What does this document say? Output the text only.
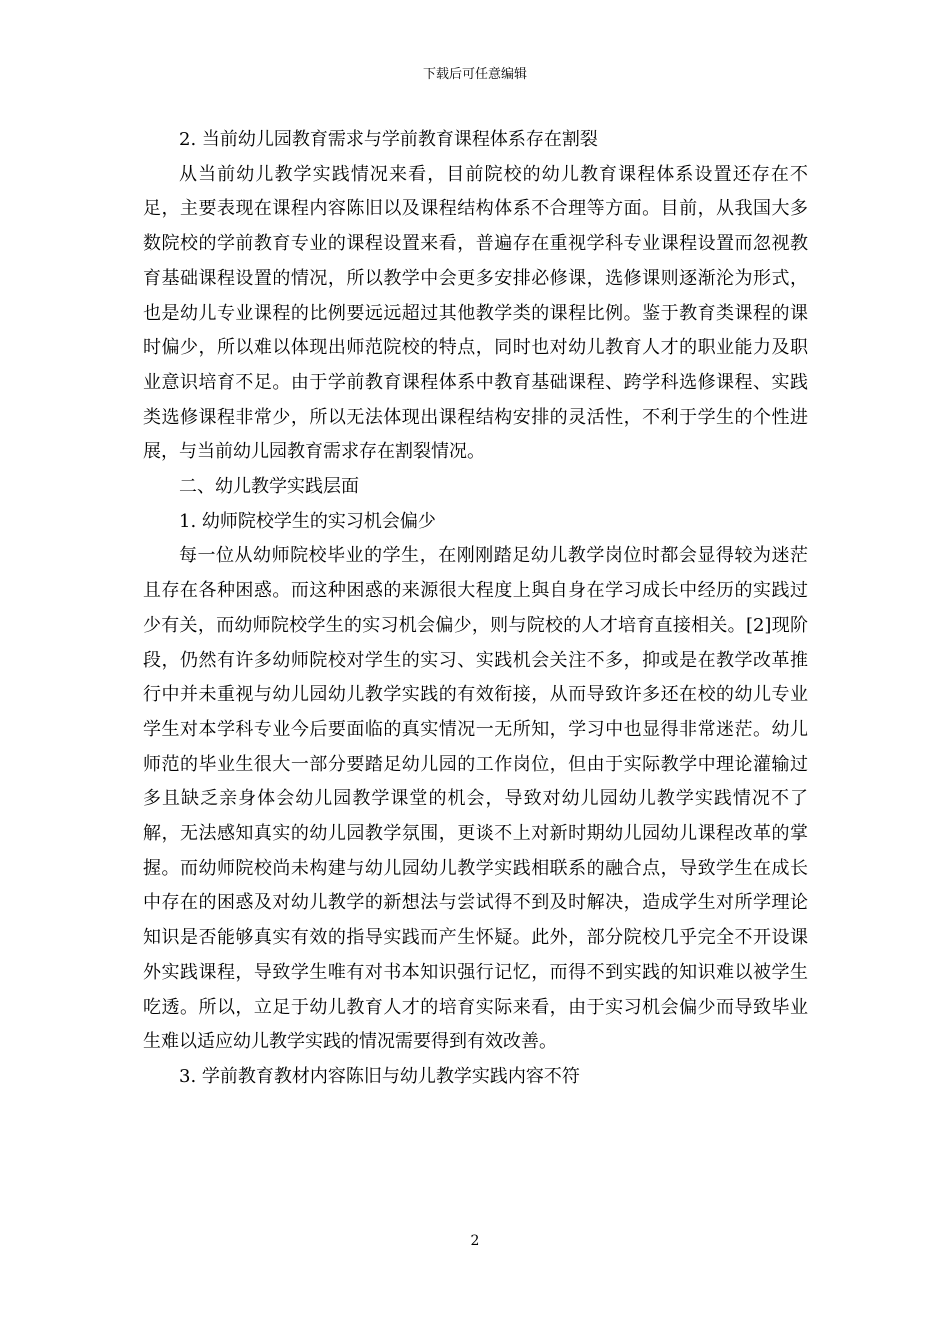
下载后可任意编辑

2. 当前幼儿园教育需求与学前教育课程体系存在割裂

从当前幼儿教学实践情况来看，目前院校的幼儿教育课程体系设置还存在不足，主要表现在课程内容陈旧以及课程结构体系不合理等方面。目前，从我国大多数院校的学前教育专业的课程设置来看，普遍存在重视学科专业课程设置而忽视教育基础课程设置的情况，所以教学中会更多安排必修课，选修课则逐渐沦为形式，也是幼儿专业课程的比例要远远超过其他教学类的课程比例。鉴于教育类课程的课时偏少，所以难以体现出师范院校的特点，同时也对幼儿教育人才的职业能力及职业意识培育不足。由于学前教育课程体系中教育基础课程、跨学科选修课程、实践类选修课程非常少，所以无法体现出课程结构安排的灵活性，不利于学生的个性进展，与当前幼儿园教育需求存在割裂情况。

二、幼儿教学实践层面

1. 幼师院校学生的实习机会偏少

每一位从幼师院校毕业的学生，在刚刚踏足幼儿教学岗位时都会显得较为迷茫且存在各种困惑。而这种困惑的来源很大程度上與自身在学习成长中经历的实践过少有关，而幼师院校学生的实习机会偏少，则与院校的人才培育直接相关。[2]现阶段，仍然有许多幼师院校对学生的实习、实践机会关注不多，抑或是在教学改革推行中并未重视与幼儿园幼儿教学实践的有效衔接，从而导致许多还在校的幼儿专业学生对本学科专业今后要面临的真实情况一无所知，学习中也显得非常迷茫。幼儿师范的毕业生很大一部分要踏足幼儿园的工作岗位，但由于实际教学中理论灌输过多且缺乏亲身体会幼儿园教学课堂的机会，导致对幼儿园幼儿教学实践情况不了解，无法感知真实的幼儿园教学氛围，更谈不上对新时期幼儿园幼儿课程改革的掌握。而幼师院校尚未构建与幼儿园幼儿教学实践相联系的融合点，导致学生在成长中存在的困惑及对幼儿教学的新想法与尝试得不到及时解决，造成学生对所学理论知识是否能够真实有效的指导实践而产生怀疑。此外，部分院校几乎完全不开设课外实践课程，导致学生唯有对书本知识强行记忆，而得不到实践的知识难以被学生吃透。所以，立足于幼儿教育人才的培育实际来看，由于实习机会偏少而导致毕业生难以适应幼儿教学实践的情况需要得到有效改善。

3. 学前教育教材内容陈旧与幼儿教学实践内容不符

2
